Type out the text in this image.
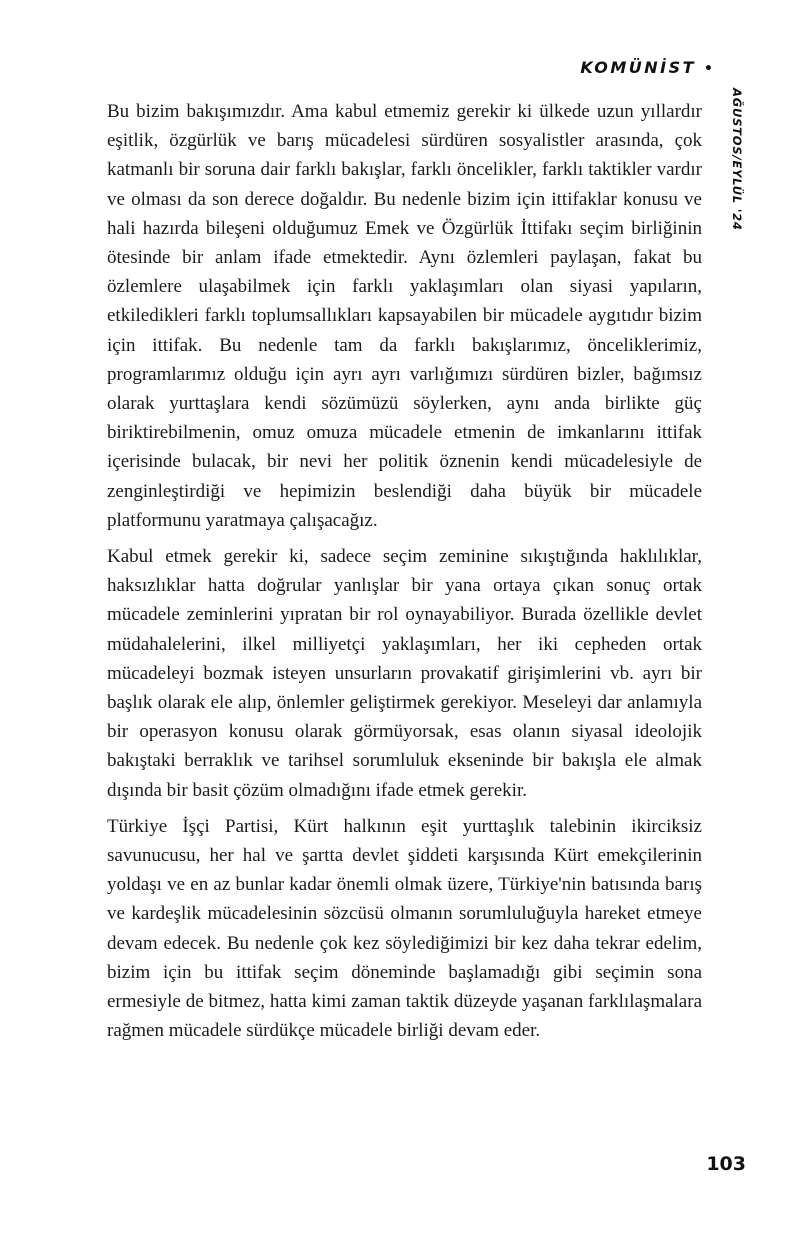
KOMÜNİST •
AĞUSTOS/EYLÜL '24

Bu bizim bakışımızdır. Ama kabul etmemiz gerekir ki ülkede uzun yıllardır eşitlik, özgürlük ve barış mücadelesi sürdüren sosyalistler arasında, çok katmanlı bir soruna dair farklı bakışlar, farklı öncelikler, farklı taktikler vardır ve olması da son derece doğaldır. Bu nedenle bizim için ittifaklar konusu ve hali hazırda bileşeni olduğumuz Emek ve Özgürlük İttifakı seçim birliğinin ötesinde bir anlam ifade etmektedir. Aynı özlemleri paylaşan, fakat bu özlemlere ulaşabilmek için farklı yaklaşımları olan siyasi yapıların, etkiledikleri farklı toplumsallıkları kapsayabilen bir mücadele aygıtıdır bizim için ittifak. Bu nedenle tam da farklı bakışlarımız, önceliklerimiz, programlarımız olduğu için ayrı ayrı varlığımızı sürdüren bizler, bağımsız olarak yurttaşlara kendi sözümüzü söylerken, aynı anda birlikte güç biriktirebilmenin, omuz omuza mücadele etmenin de imkanlarını ittifak içerisinde bulacak, bir nevi her politik öznenin kendi mücadelesiyle de zenginleştirdiği ve hepimizin beslendiği daha büyük bir mücadele platformunu yaratmaya çalışacağız.

Kabul etmek gerekir ki, sadece seçim zeminine sıkıştığında haklılıklar, haksızlıklar hatta doğrular yanlışlar bir yana ortaya çıkan sonuç ortak mücadele zeminlerini yıpratan bir rol oynayabiliyor. Burada özellikle devlet müdahalelerini, ilkel milliyetçi yaklaşımları, her iki cepheden ortak mücadeleyi bozmak isteyen unsurların provakatif girişimlerini vb. ayrı bir başlık olarak ele alıp, önlemler geliştirmek gerekiyor. Meseleyi dar anlamıyla bir operasyon konusu olarak görmüyorsak, esas olanın siyasal ideolojik bakıştaki berraklık ve tarihsel sorumluluk ekseninde bir bakışla ele almak dışında bir basit çözüm olmadığını ifade etmek gerekir.

Türkiye İşçi Partisi, Kürt halkının eşit yurttaşlık talebinin ikirciksiz savunucusu, her hal ve şartta devlet şiddeti karşısında Kürt emekçilerinin yoldaşı ve en az bunlar kadar önemli olmak üzere, Türkiye'nin batısında barış ve kardeşlik mücadelesinin sözcüsü olmanın sorumluluğuyla hareket etmeye devam edecek. Bu nedenle çok kez söylediğimizi bir kez daha tekrar edelim, bizim için bu ittifak seçim döneminde başlamadığı gibi seçimin sona ermesiyle de bitmez, hatta kimi zaman taktik düzeyde yaşanan farklılaşmalara rağmen mücadele sürdükçe mücadele birliği devam eder.

103
